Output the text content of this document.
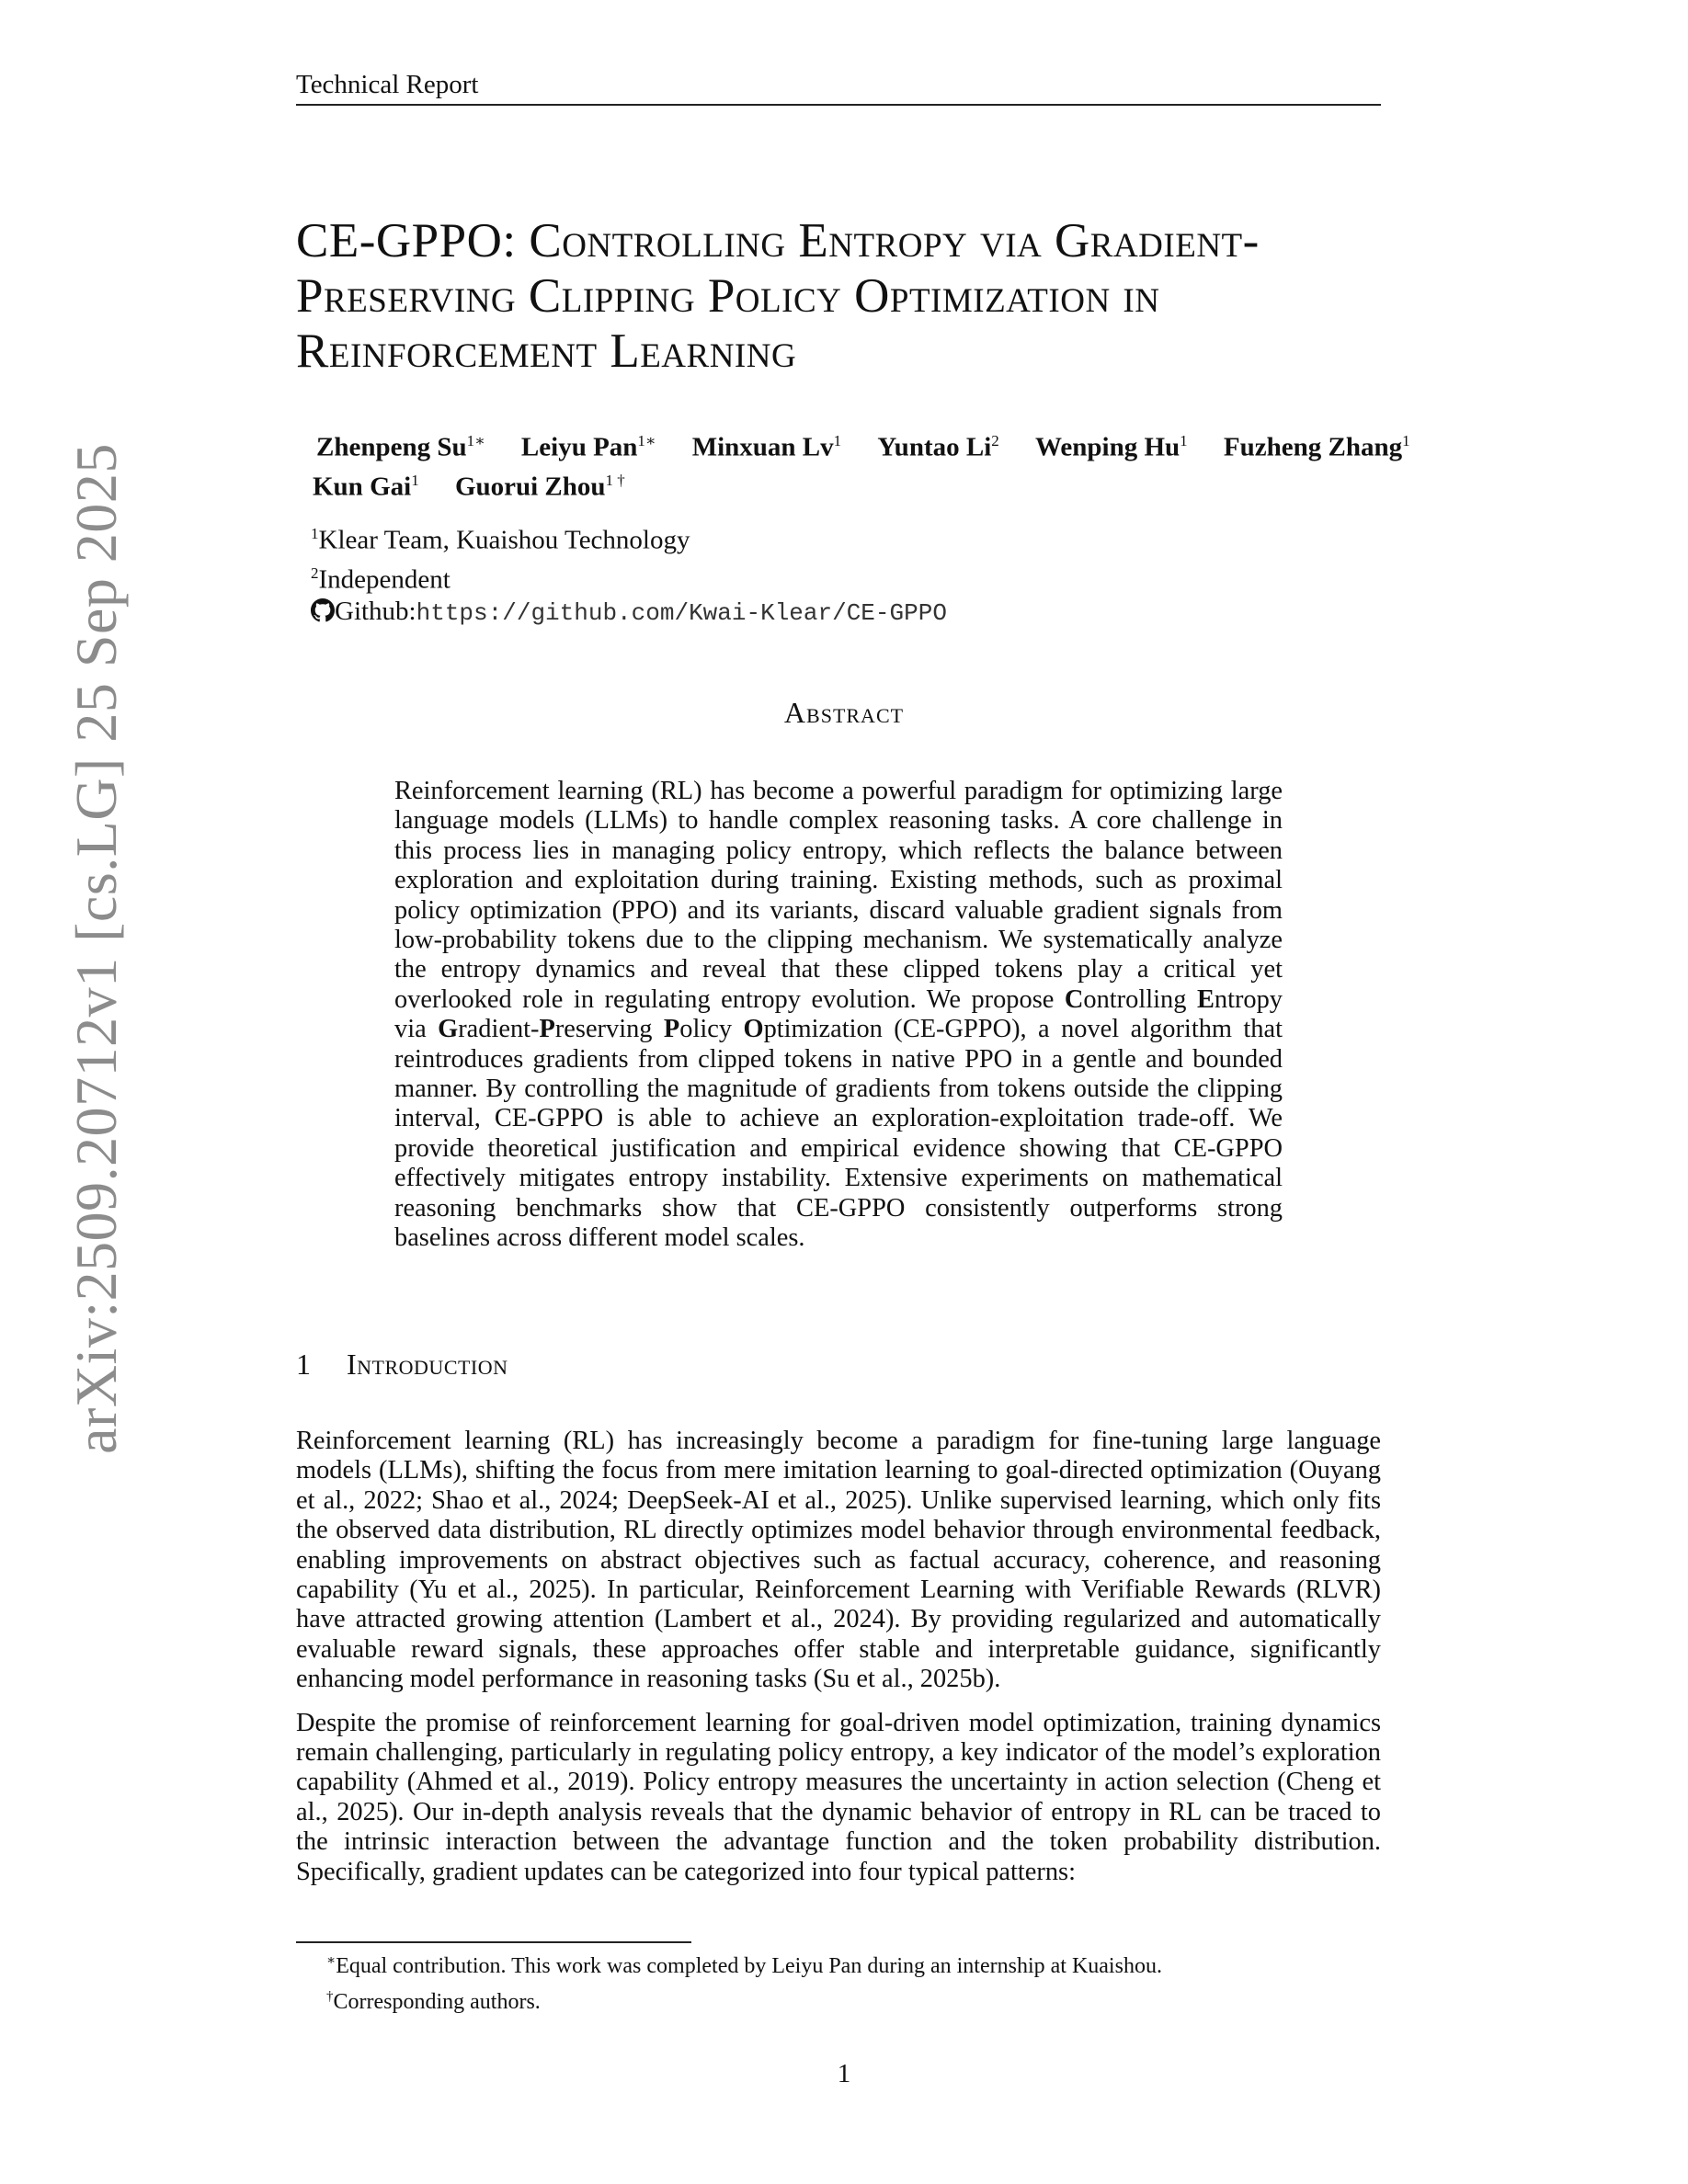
arXiv:2509.20712v1 [cs.LG] 25 Sep 2025
Technical Report
CE-GPPO: Controlling Entropy via Gradient-Preserving Clipping Policy Optimization in Reinforcement Learning
Zhenpeng $Su^{1∗}$ Leiyu Pan$^{1∗}$ Minxuan Lv$^1$ Yuntao Li$^2$ Wenping Hu$^1$ Fuzheng Zhang$^1$
Kun Gai$^1$ Guorui Zhou$^{1 \dagger}$
$^1$Klear Team, Kuaishou Technology
$^2$Independent
Github:https://github.com/Kwai-Klear/CE-GPPO
Abstract
Reinforcement learning (RL) has become a powerful paradigm for optimizing large language models (LLMs) to handle complex reasoning tasks. A core challenge in this process lies in managing policy entropy, which reflects the balance between exploration and exploitation during training. Existing methods, such as proximal policy optimization (PPO) and its variants, discard valuable gradient signals from low-probability tokens due to the clipping mechanism. We systematically analyze the entropy dynamics and reveal that these clipped tokens play a critical yet overlooked role in regulating entropy evolution. We propose Controlling Entropy via Gradient-Preserving Policy Optimization (CE-GPPO), a novel algorithm that reintroduces gradients from clipped tokens in native PPO in a gentle and bounded manner. By controlling the magnitude of gradients from tokens outside the clipping interval, CE-GPPO is able to achieve an exploration-exploitation trade-off. We provide theoretical justification and empirical evidence showing that CE-GPPO effectively mitigates entropy instability. Extensive experiments on mathematical reasoning benchmarks show that CE-GPPO consistently outperforms strong baselines across different model scales.
1 Introduction

Reinforcement learning (RL) has increasingly become a paradigm for fine-tuning large language models (LLMs), shifting the focus from mere imitation learning to goal-directed optimization (Ouyang et al., 2022; Shao et al., 2024; DeepSeek-AI et al., 2025). Unlike supervised learning, which only fits the observed data distribution, RL directly optimizes model behavior through environmental feedback, enabling improvements on abstract objectives such as factual accuracy, coherence, and reasoning capability (Yu et al., 2025). In particular, Reinforcement Learning with Verifiable Rewards (RLVR) have attracted growing attention (Lambert et al., 2024). By providing regularized and automatically evaluable reward signals, these approaches offer stable and interpretable guidance, significantly enhancing model performance in reasoning tasks (Su et al., 2025b).

Despite the promise of reinforcement learning for goal-driven model optimization, training dynamics remain challenging, particularly in regulating policy entropy, a key indicator of the model’s exploration capability (Ahmed et al., 2019). Policy entropy measures the uncertainty in action selection (Cheng et al., 2025). Our in-depth analysis reveals that the dynamic behavior of entropy in RL can be traced to the intrinsic interaction between the advantage function and the token probability distribution. Specifically, gradient updates can be categorized into four typical patterns:

∗Equal contribution. This work was completed by Leiyu Pan during an internship at Kuaishou.
†Corresponding authors.
1
